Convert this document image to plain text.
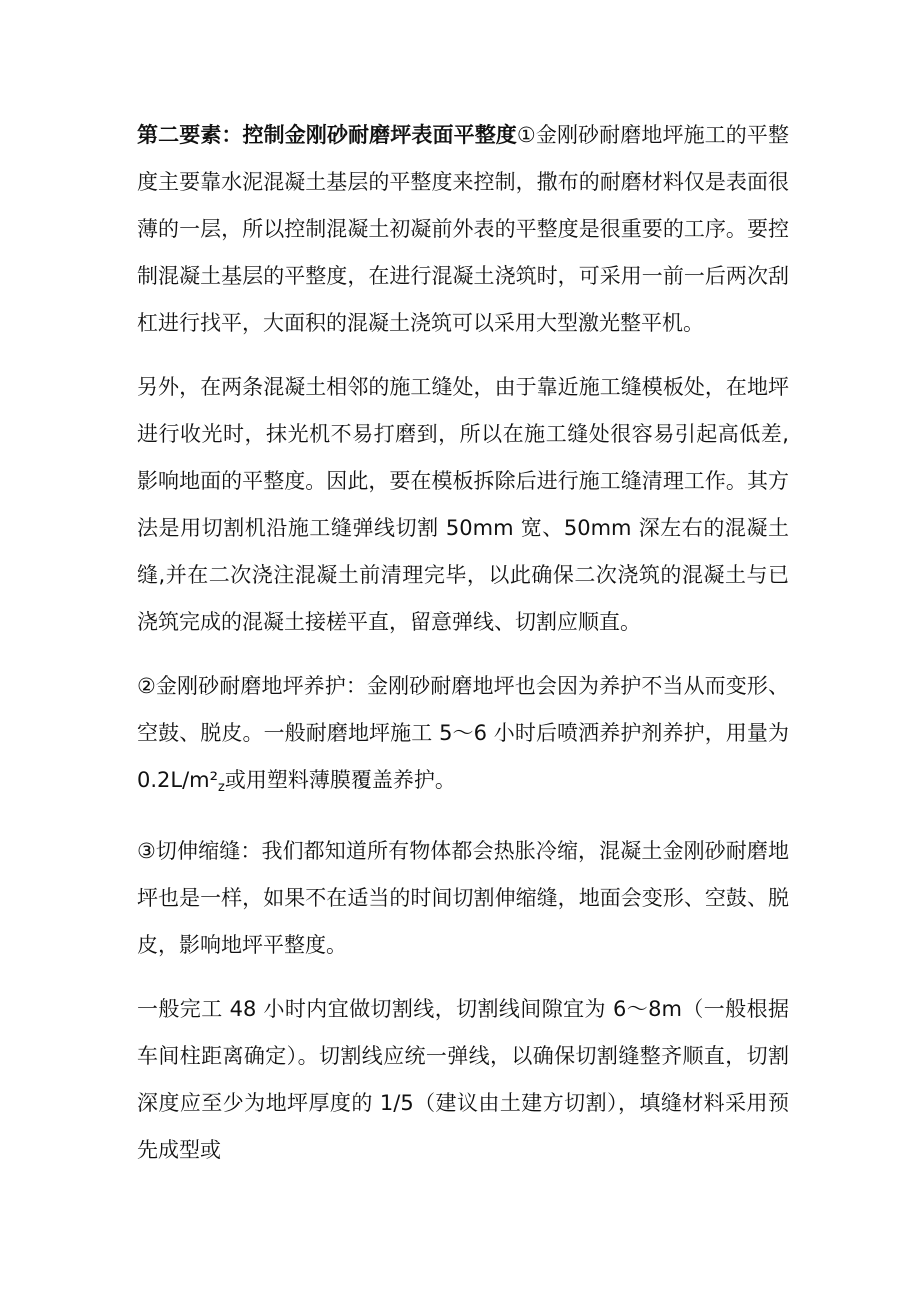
第二要素：控制金刚砂耐磨坪表面平整度①金刚砂耐磨地坪施工的平整度主要靠水泥混凝土基层的平整度来控制，撒布的耐磨材料仅是表面很薄的一层，所以控制混凝土初凝前外表的平整度是很重要的工序。要控制混凝土基层的平整度，在进行混凝土浇筑时，可采用一前一后两次刮杠进行找平，大面积的混凝土浇筑可以采用大型激光整平机。

另外，在两条混凝土相邻的施工缝处，由于靠近施工缝模板处，在地坪进行收光时，抹光机不易打磨到，所以在施工缝处很容易引起高低差,影响地面的平整度。因此，要在模板拆除后进行施工缝清理工作。其方法是用切割机沿施工缝弹线切割 50mm 宽、50mm 深左右的混凝土缝,并在二次浇注混凝土前清理完毕，以此确保二次浇筑的混凝土与已浇筑完成的混凝土接槎平直，留意弹线、切割应顺直。

②金刚砂耐磨地坪养护：金刚砂耐磨地坪也会因为养护不当从而变形、空鼓、脱皮。一般耐磨地坪施工 5～6 小时后喷洒养护剂养护，用量为 $0.2L/m^2_z$或用塑料薄膜覆盖养护。

③切伸缩缝：我们都知道所有物体都会热胀冷缩，混凝土金刚砂耐磨地坪也是一样，如果不在适当的时间切割伸缩缝，地面会变形、空鼓、脱皮，影响地坪平整度。

一般完工 48 小时内宜做切割线，切割线间隙宜为 6～8m（一般根据车间柱距离确定）。切割线应统一弹线，以确保切割缝整齐顺直，切割深度应至少为地坪厚度的 1/5（建议由土建方切割），填缝材料采用预先成型或
